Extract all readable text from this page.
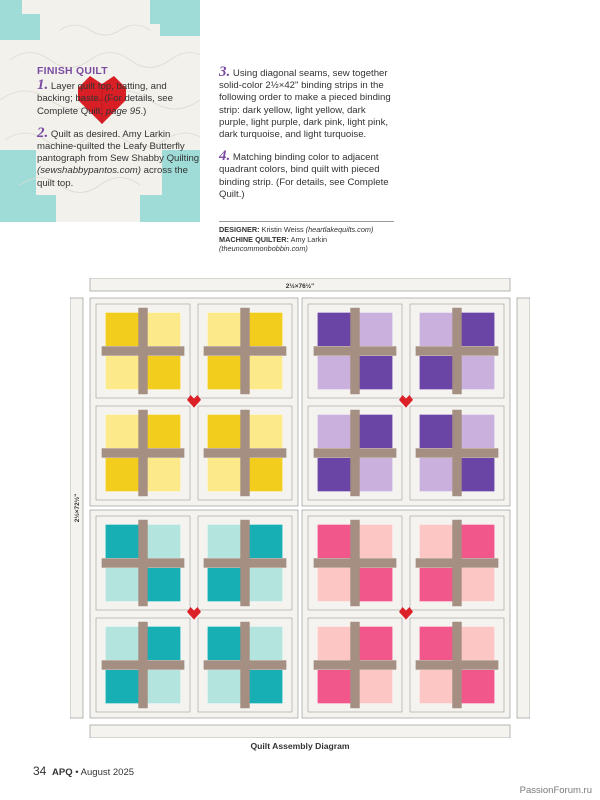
FINISH QUILT

1. Layer quilt top, batting, and backing; baste. (For details, see Complete Quilt, page 95.)

2. Quilt as desired. Amy Larkin machine-quilted the Leafy Butterfly pantograph from Sew Shabby Quilting (sewshabbypantos.com) across the quilt top.

3. Using diagonal seams, sew together solid-color 2½×42" binding strips in the following order to make a pieced binding strip: dark yellow, light yellow, dark purple, light purple, dark pink, light pink, dark turquoise, and light turquoise.

4. Matching binding color to adjacent quadrant colors, bind quilt with pieced binding strip. (For details, see Complete Quilt.)

DESIGNER: Kristin Weiss (heartlakequilts.com)
MACHINE QUILTER: Amy Larkin
(theuncommonbobbin.com)
2½×76½"
2½×72½"
Quilt Assembly Diagram
34 APQ • August 2025
PassionForum.ru
